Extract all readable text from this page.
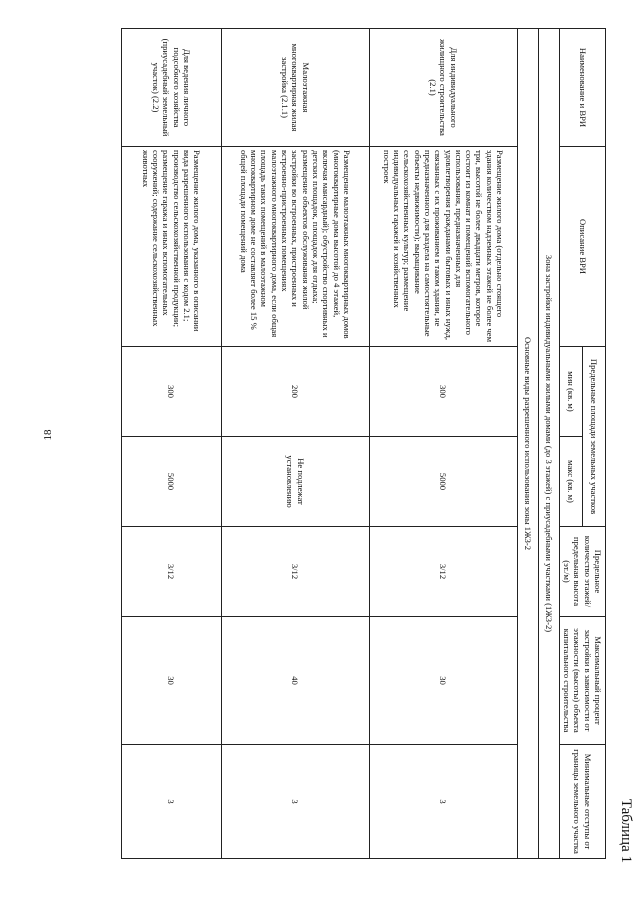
18
Таблица 1
Наименование и ВРИ	Описание ВРИ	Предельные площади земельных участков		Предельное количество этажей/ предельная высота (эт./м)	Максимальный процент застройки в зависимости от этажности (высоты) объекта капитального строительства	Минимальные отступы от границы земельного участка
		мин (кв. м)	макс (кв. м)			
Зона застройки индивидуальными жилыми домами (до 3 этажей) с приусадебными участками (1ЖЗ-2)						
Основные виды разрешенного использования зоны 1ЖЗ-2						
Для индивидуального жилищного строительства (2.1)	Размещение жилого дома (отдельно стоящего здания количеством надземных этажей не более чем три, высотой не более двадцати метров, которое состоит из комнат и помещений вспомогательного использования, предназначенных для удовлетворения гражданами бытовых и иных нужд, связанных с их проживанием в таком здании, не предназначенного для раздела на самостоятельные объекты недвижимости); выращивание сельскохозяйственных культур; размещение индивидуальных гаражей и хозяйственных построек	300	5000	3/12	30	3
Малоэтажная многоквартирная жилая застройка (2.1.1)	Размещение малоэтажных многоквартирных домов (многоквартирные дома высотой до 4 этажей, включая мансардный); обустройство спортивных и детских площадок, площадок для отдыха; размещение объектов обслуживания жилой застройки во встроенных, пристроенных и встроенно-пристроенных помещениях малоэтажного многоквартирного дома, если общая площадь таких помещений в малоэтажном многоквартирном доме не составляет более 15 % общей площади помещений дома	200	Не подлежат установлению	3/12	40	3
Для ведения личного подсобного хозяйства (приусадебный земельный участок) (2.2)	Размещение жилого дома, указанного в описании вида разрешенного использования с кодом 2.1; производство сельскохозяйственной продукции; размещение гаража и иных вспомогательных сооружений; содержание сельскохозяйственных животных	300	5000	3/12	30	3
